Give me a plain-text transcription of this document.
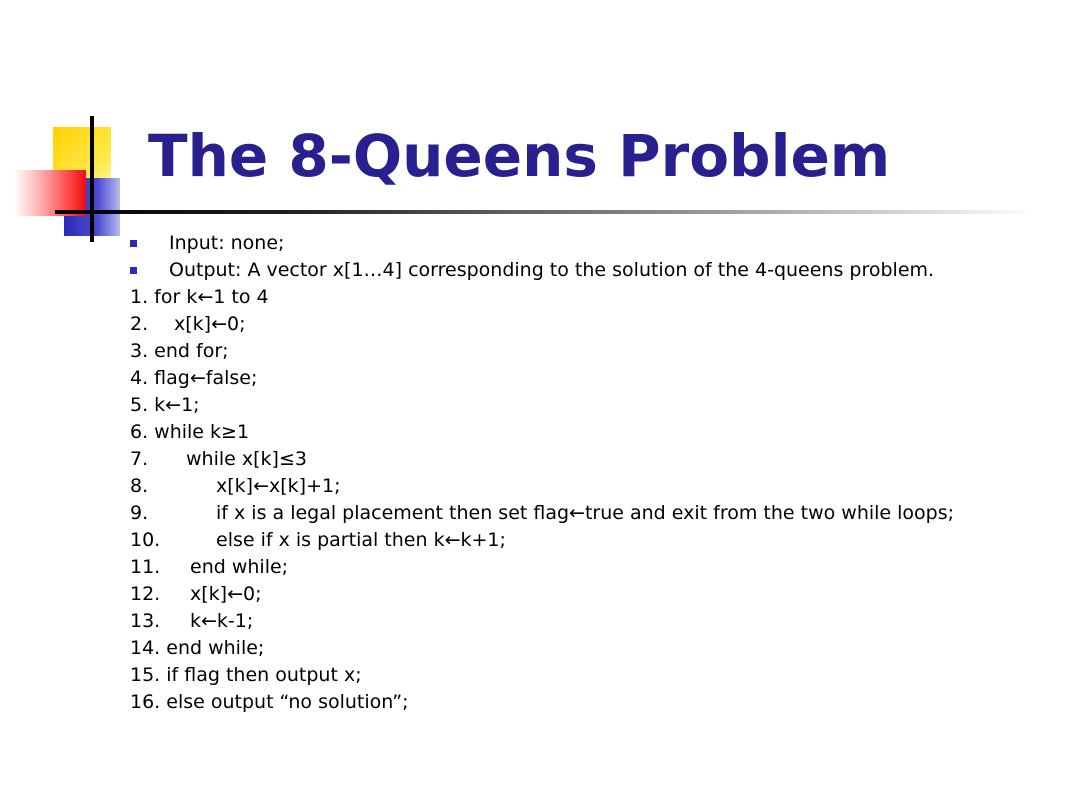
The 8-Queens Problem
Input: none;
Output: A vector x[1…4] corresponding to the solution of the 4-queens problem.
1. for k←1 to 4
2. x[k]←0;
3. end for;
4. flag←false;
5. k←1;
6. while k≥1
7. while x[k]≤3
8.	x[k]←x[k]+1;
9.	if x is a legal placement then set flag←true and exit from the two while loops;
10.	else if x is partial then k←k+1;
11. end while;
12. x[k]←0;
13. k←k-1;
14. end while;
15. if flag then output x;
16. else output “no solution”;
